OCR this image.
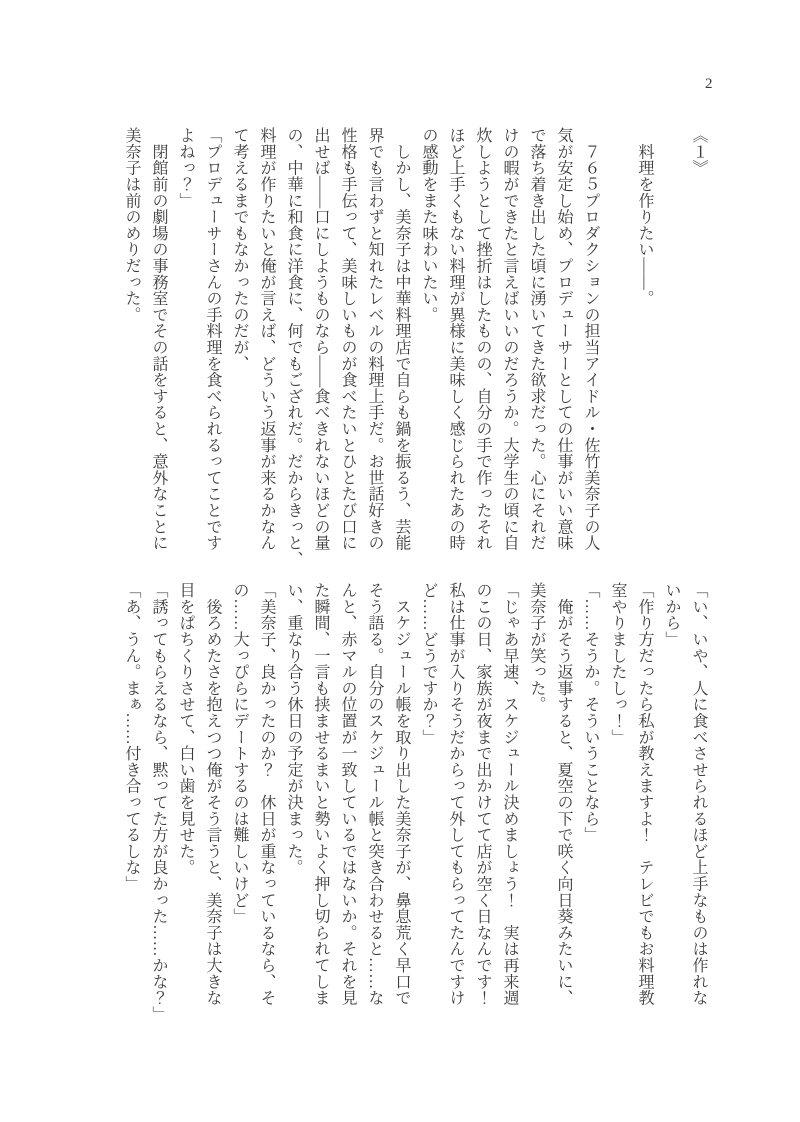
2
《１》
　料理を作りたい――。
　７６５プロダクションの担当アイドル・佐竹美奈子の人
気が安定し始め、プロデューサーとしての仕事がいい意味
で落ち着き出した頃に湧いてきた欲求だった。心にそれだ
けの暇ができたと言えばいいのだろうか。大学生の頃に自
炊しようとして挫折はしたものの、自分の手で作ったそれ
ほど上手くもない料理が異様に美味しく感じられたあの時
の感動をまた味わいたい。
　しかし、美奈子は中華料理店で自らも鍋を振るう、芸能
界でも言わずと知れたレベルの料理上手だ。お世話好きの
性格も手伝って、美味しいものが食べたいとひとたび口に
出せば――口にしようものなら――食べきれないほどの量
の、中華に和食に洋食に、何でもござれだ。だからきっと、
料理が作りたいと俺が言えば、どういう返事が来るかなん
て考えるまでもなかったのだが、
「プロデューサーさんの手料理を食べられるってことです
よねっ？」
　閉館前の劇場の事務室でその話をすると、意外なことに
美奈子は前のめりだった。
「い、いや、人に食べさせられるほど上手なものは作れな
いから」
「作り方だったら私が教えますよ！　テレビでもお料理教
室やりましたしっ！」
「……そうか。そういうことなら」
　俺がそう返事すると、夏空の下で咲く向日葵みたいに、
美奈子が笑った。
「じゃあ早速、スケジュール決めましょう！　実は再来週
のこの日、家族が夜まで出かけてて店が空く日なんです！
私は仕事が入りそうだからって外してもらってたんですけ
ど……どうですか？」
　スケジュール帳を取り出した美奈子が、鼻息荒く早口で
そう語る。自分のスケジュール帳と突き合わせると……な
んと、赤マルの位置が一致しているではないか。それを見
た瞬間、一言も挟ませるまいと勢いよく押し切られてしま
い、重なり合う休日の予定が決まった。
「美奈子、良かったのか？　休日が重なっているなら、そ
の……大っぴらにデートするのは難しいけど」
　後ろめたさを抱えつつ俺がそう言うと、美奈子は大きな
目をぱちくりさせて、白い歯を見せた。
「誘ってもらえるなら、黙ってた方が良かった……かな？」
「あ、うん。まぁ……付き合ってるしな」
